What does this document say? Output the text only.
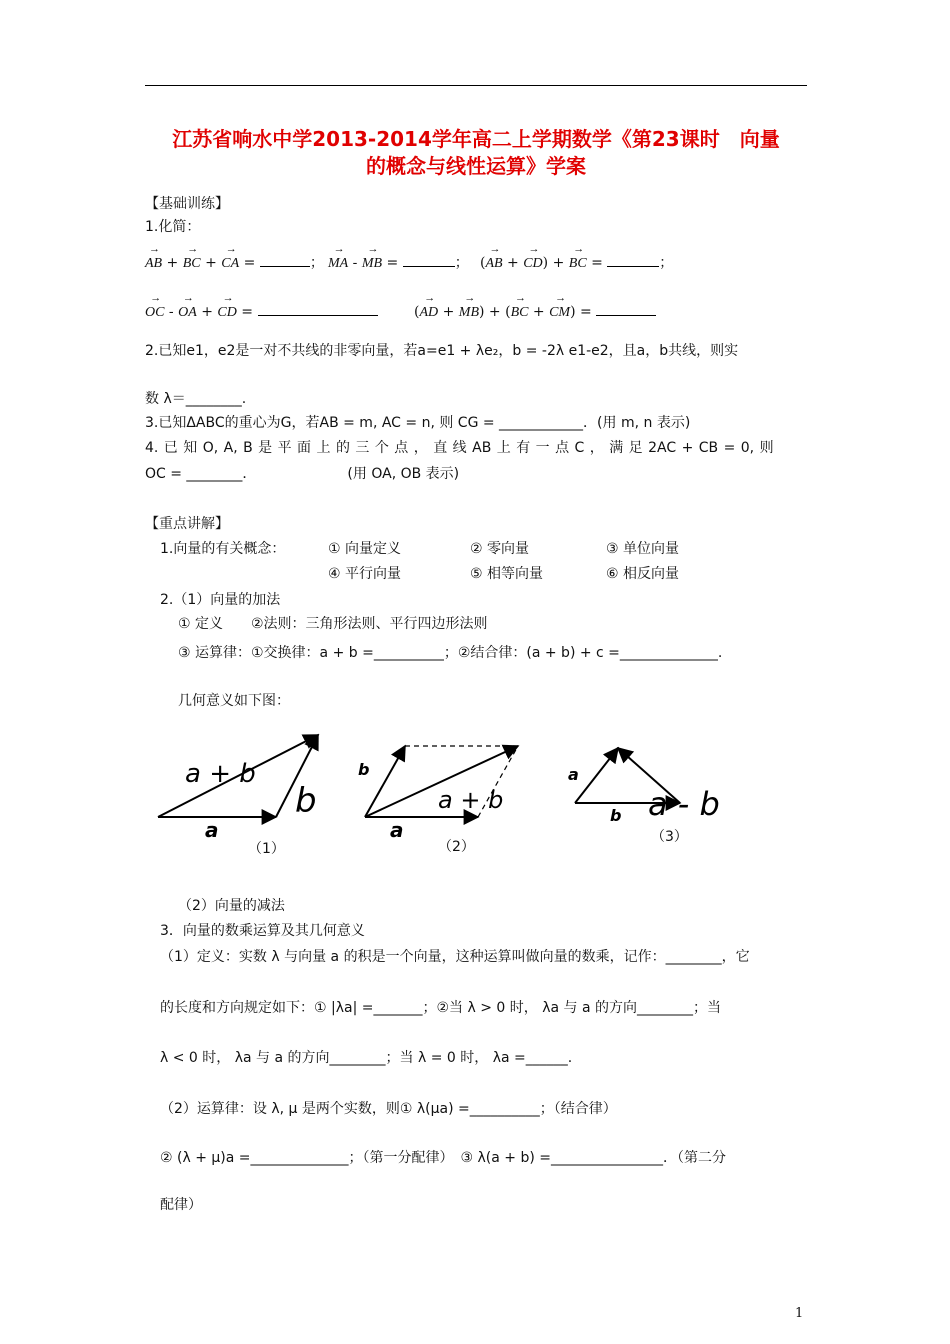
江苏省响水中学2013-2014学年高二上学期数学《第23课时　向量
的概念与线性运算》学案
【基础训练】
1.化简：
→ AB + → BC + → CA =	；
→ MA - → MB =	； (→ AB + → CD) + → BC =	；
→ OC - → OA + → CD =	(→ AD + → MB) + (→ BC + → CM) =
2.已知e1，e2是一对不共线的非零向量，若a=e1 + λe₂，b = -2λ e1-e2，且a，b共线，则实
数 λ＝________.
3.已知ΔABC的重心为G，若AB = m, AC = n, 则 CG = ____________．(用 m, n 表示)
4. 已 知 O, A, B 是 平 面 上 的 三 个 点 ， 直 线 AB 上 有 一 点 C ， 满 足 2AC + CB = 0, 则
OC = ________．　　　　　　　(用 OA, OB 表示)
【重点讲解】
1.向量的有关概念：	① 向量定义	② 零向量	③ 单位向量
④ 平行向量	⑤ 相等向量	⑥ 相反向量
2.（1）向量的加法
① 定义　　②法则：三角形法则、平行四边形法则
③ 运算律：①交换律：a + b =__________；②结合律：(a + b) + c =______________.
几何意义如下图：
a + b
b
a
b
a + b
a
a
a - b
b
（1）	（2）
（3）
（2）向量的减法
3．向量的数乘运算及其几何意义
（1）定义：实数 λ 与向量 a 的积是一个向量，这种运算叫做向量的数乘，记作：________，它
的长度和方向规定如下：① |λa| =_______；②当 λ > 0 时， λa 与 a 的方向________；当
λ < 0 时， λa 与 a 的方向________；当 λ = 0 时， λa =______.
（2）运算律：设 λ, μ 是两个实数，则① λ(μa) =__________；（结合律）
② (λ + μ)a =______________；（第一分配律）　③ λ(a + b) =________________．（第二分
配律）
1
